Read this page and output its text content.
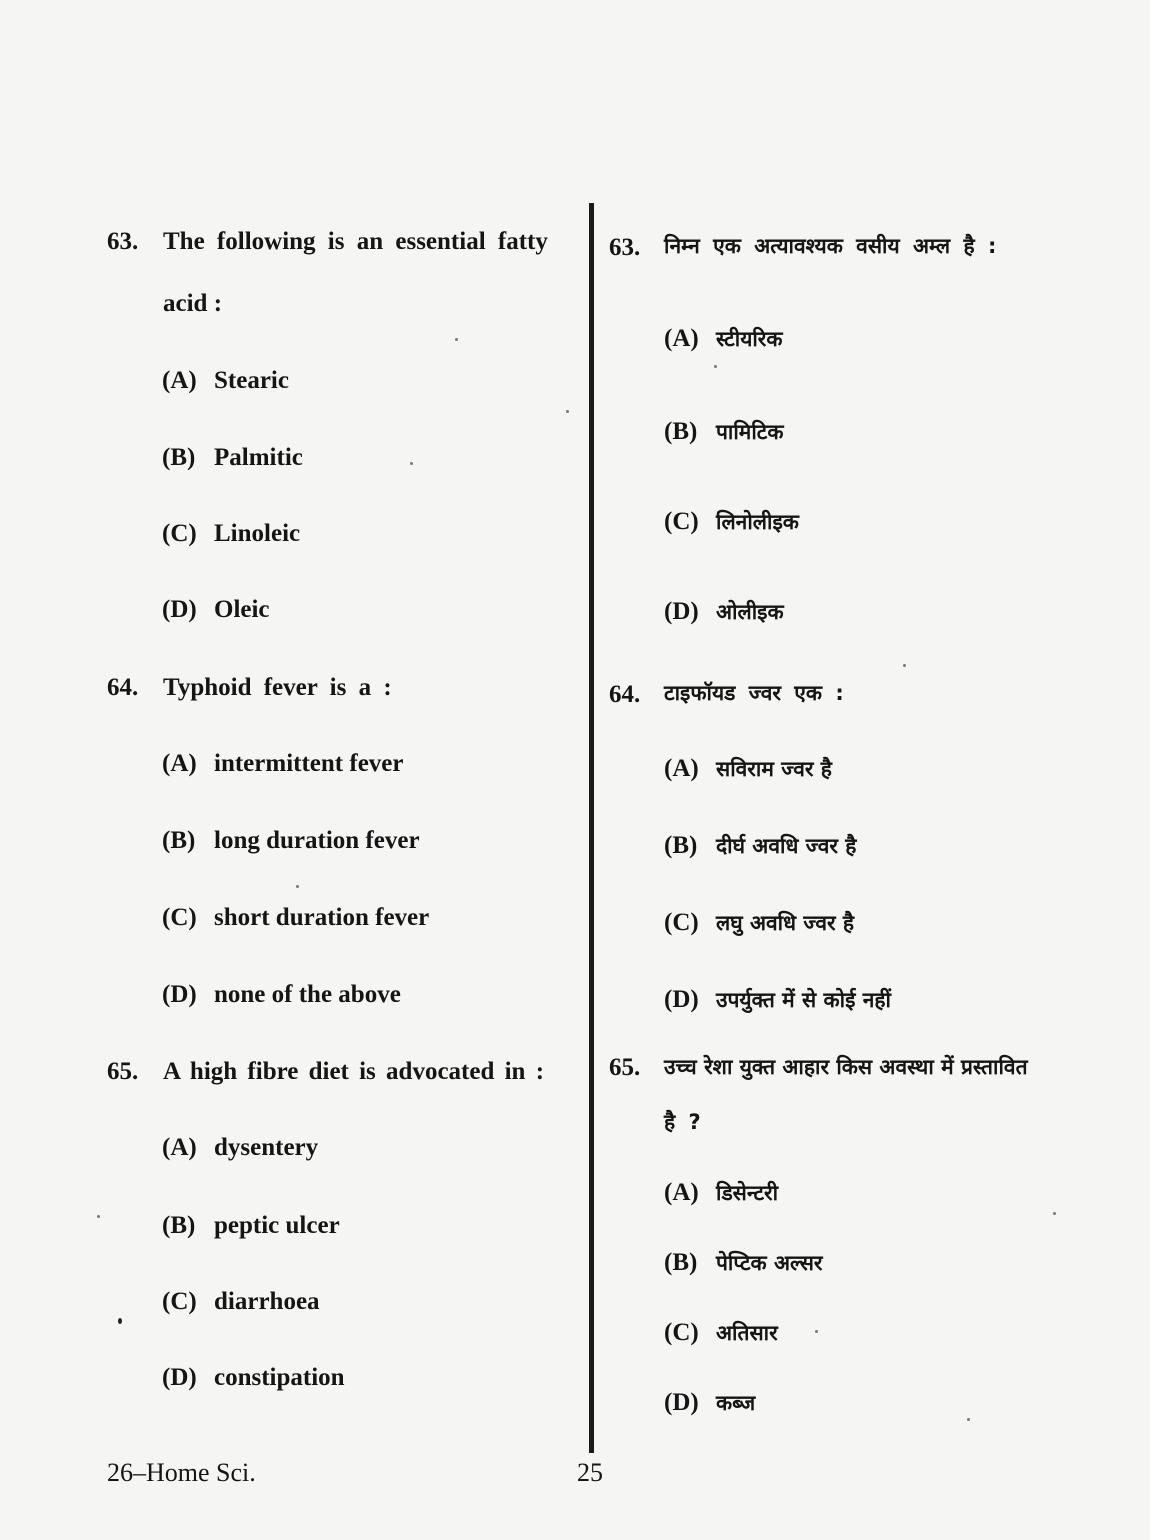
63. The following is an essential fatty
acid :
(A) Stearic
(B) Palmitic
(C) Linoleic
(D) Oleic
64. Typhoid fever is a :
(A) intermittent fever
(B) long duration fever
(C) short duration fever
(D) none of the above
65. A high fibre diet is advocated in :
(A) dysentery
(B) peptic ulcer
(C) diarrhoea
(D) constipation
63. निम्न एक अत्यावश्यक वसीय अम्ल है :
(A) स्टीयरिक
(B) पामिटिक
(C) लिनोलीइक
(D) ओलीइक
64. टाइफॉयड ज्वर एक :
(A) सविराम ज्वर है
(B) दीर्घ अवधि ज्वर है
(C) लघु अवधि ज्वर है
(D) उपर्युक्त में से कोई नहीं
65. उच्च रेशा युक्त आहार किस अवस्था में प्रस्तावित
है ?
(A) डिसेन्टरी
(B) पेप्टिक अल्सर
(C) अतिसार
(D) कब्ज
26–Home Sci.	25
